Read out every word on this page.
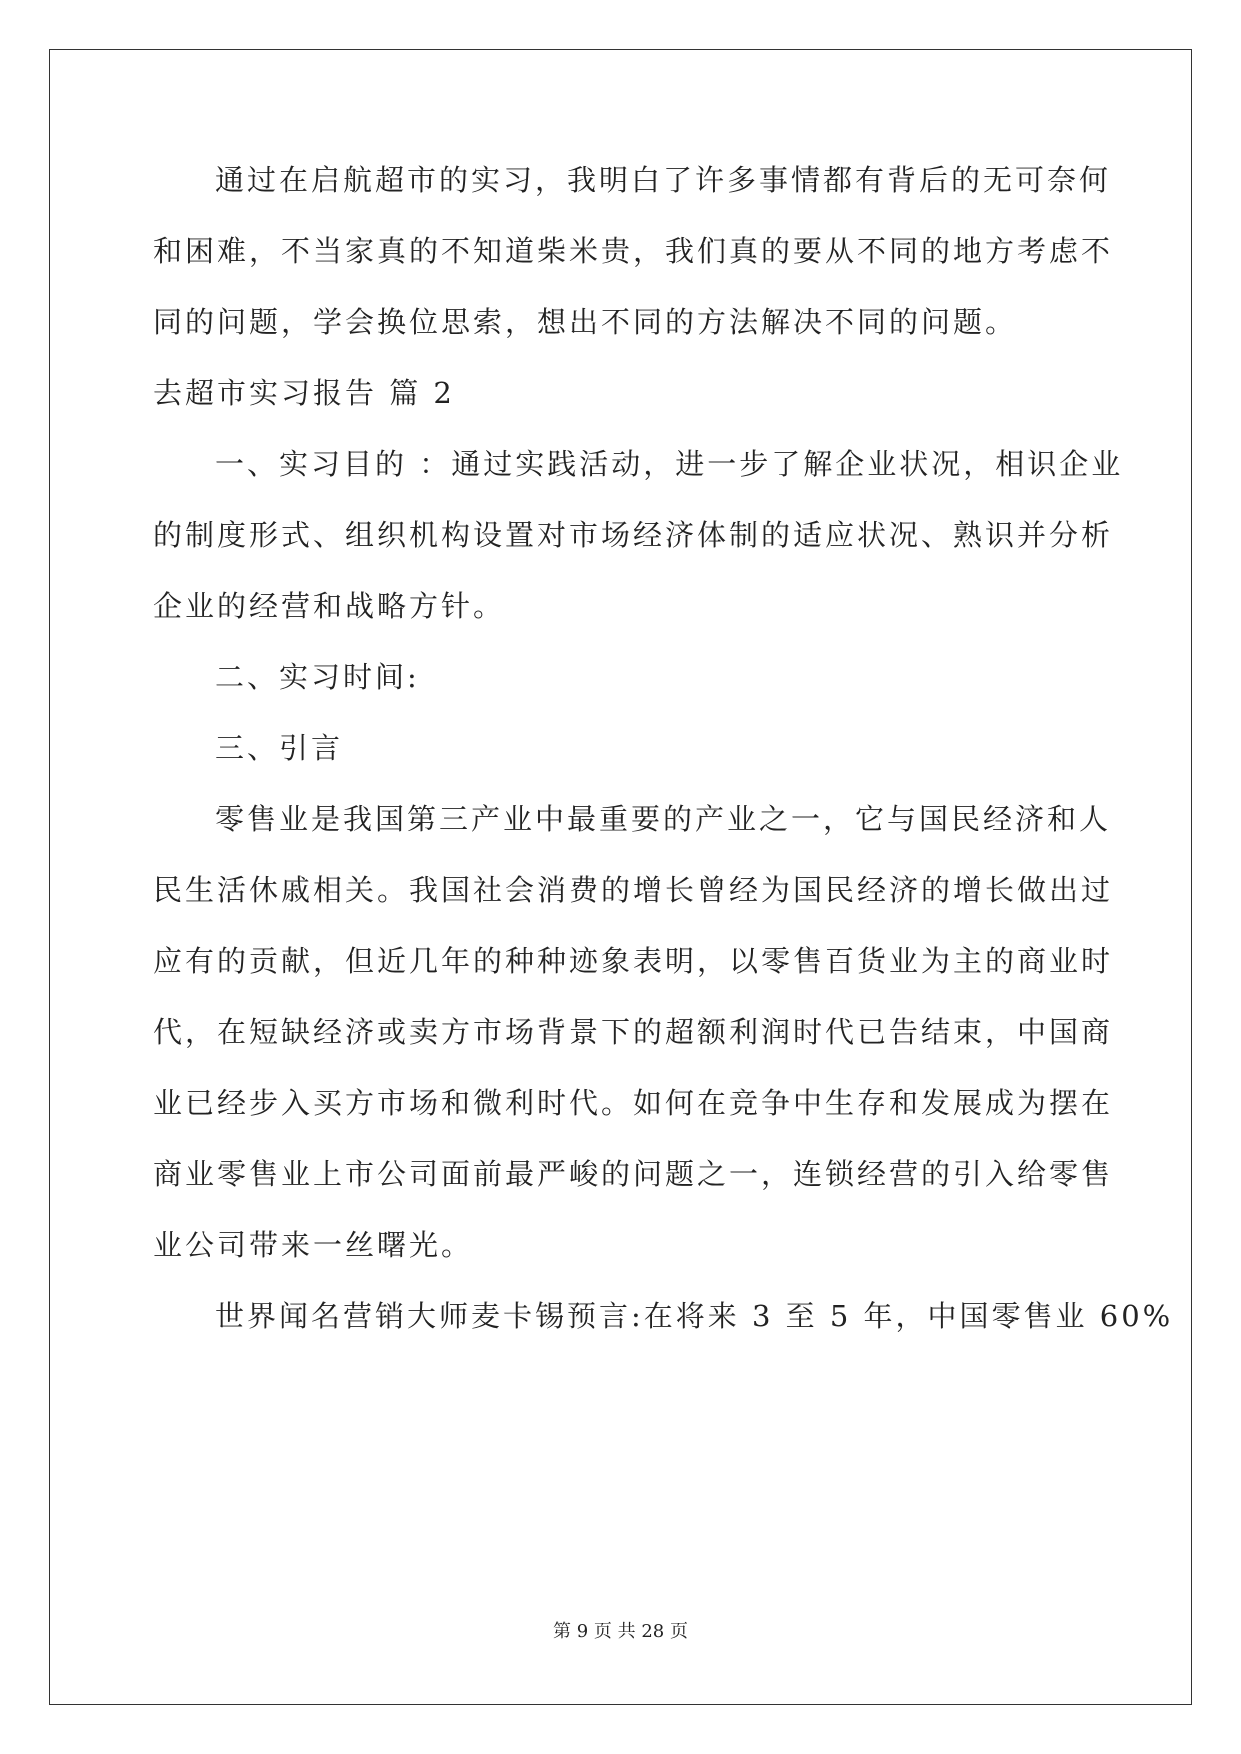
通过在启航超市的实习，我明白了许多事情都有背后的无可奈何
和困难，不当家真的不知道柴米贵，我们真的要从不同的地方考虑不
同的问题，学会换位思索，想出不同的方法解决不同的问题。
去超市实习报告 篇 2
一、实习目的 ：通过实践活动，进一步了解企业状况，相识企业
的制度形式、组织机构设置对市场经济体制的适应状况、熟识并分析
企业的经营和战略方针。
二、实习时间:
三、引言
零售业是我国第三产业中最重要的产业之一，它与国民经济和人
民生活休戚相关。我国社会消费的增长曾经为国民经济的增长做出过
应有的贡献，但近几年的种种迹象表明，以零售百货业为主的商业时
代，在短缺经济或卖方市场背景下的超额利润时代已告结束，中国商
业已经步入买方市场和微利时代。如何在竞争中生存和发展成为摆在
商业零售业上市公司面前最严峻的问题之一，连锁经营的引入给零售
业公司带来一丝曙光。
世界闻名营销大师麦卡锡预言:在将来 3 至 5 年，中国零售业 60%
第 9 页 共 28 页
